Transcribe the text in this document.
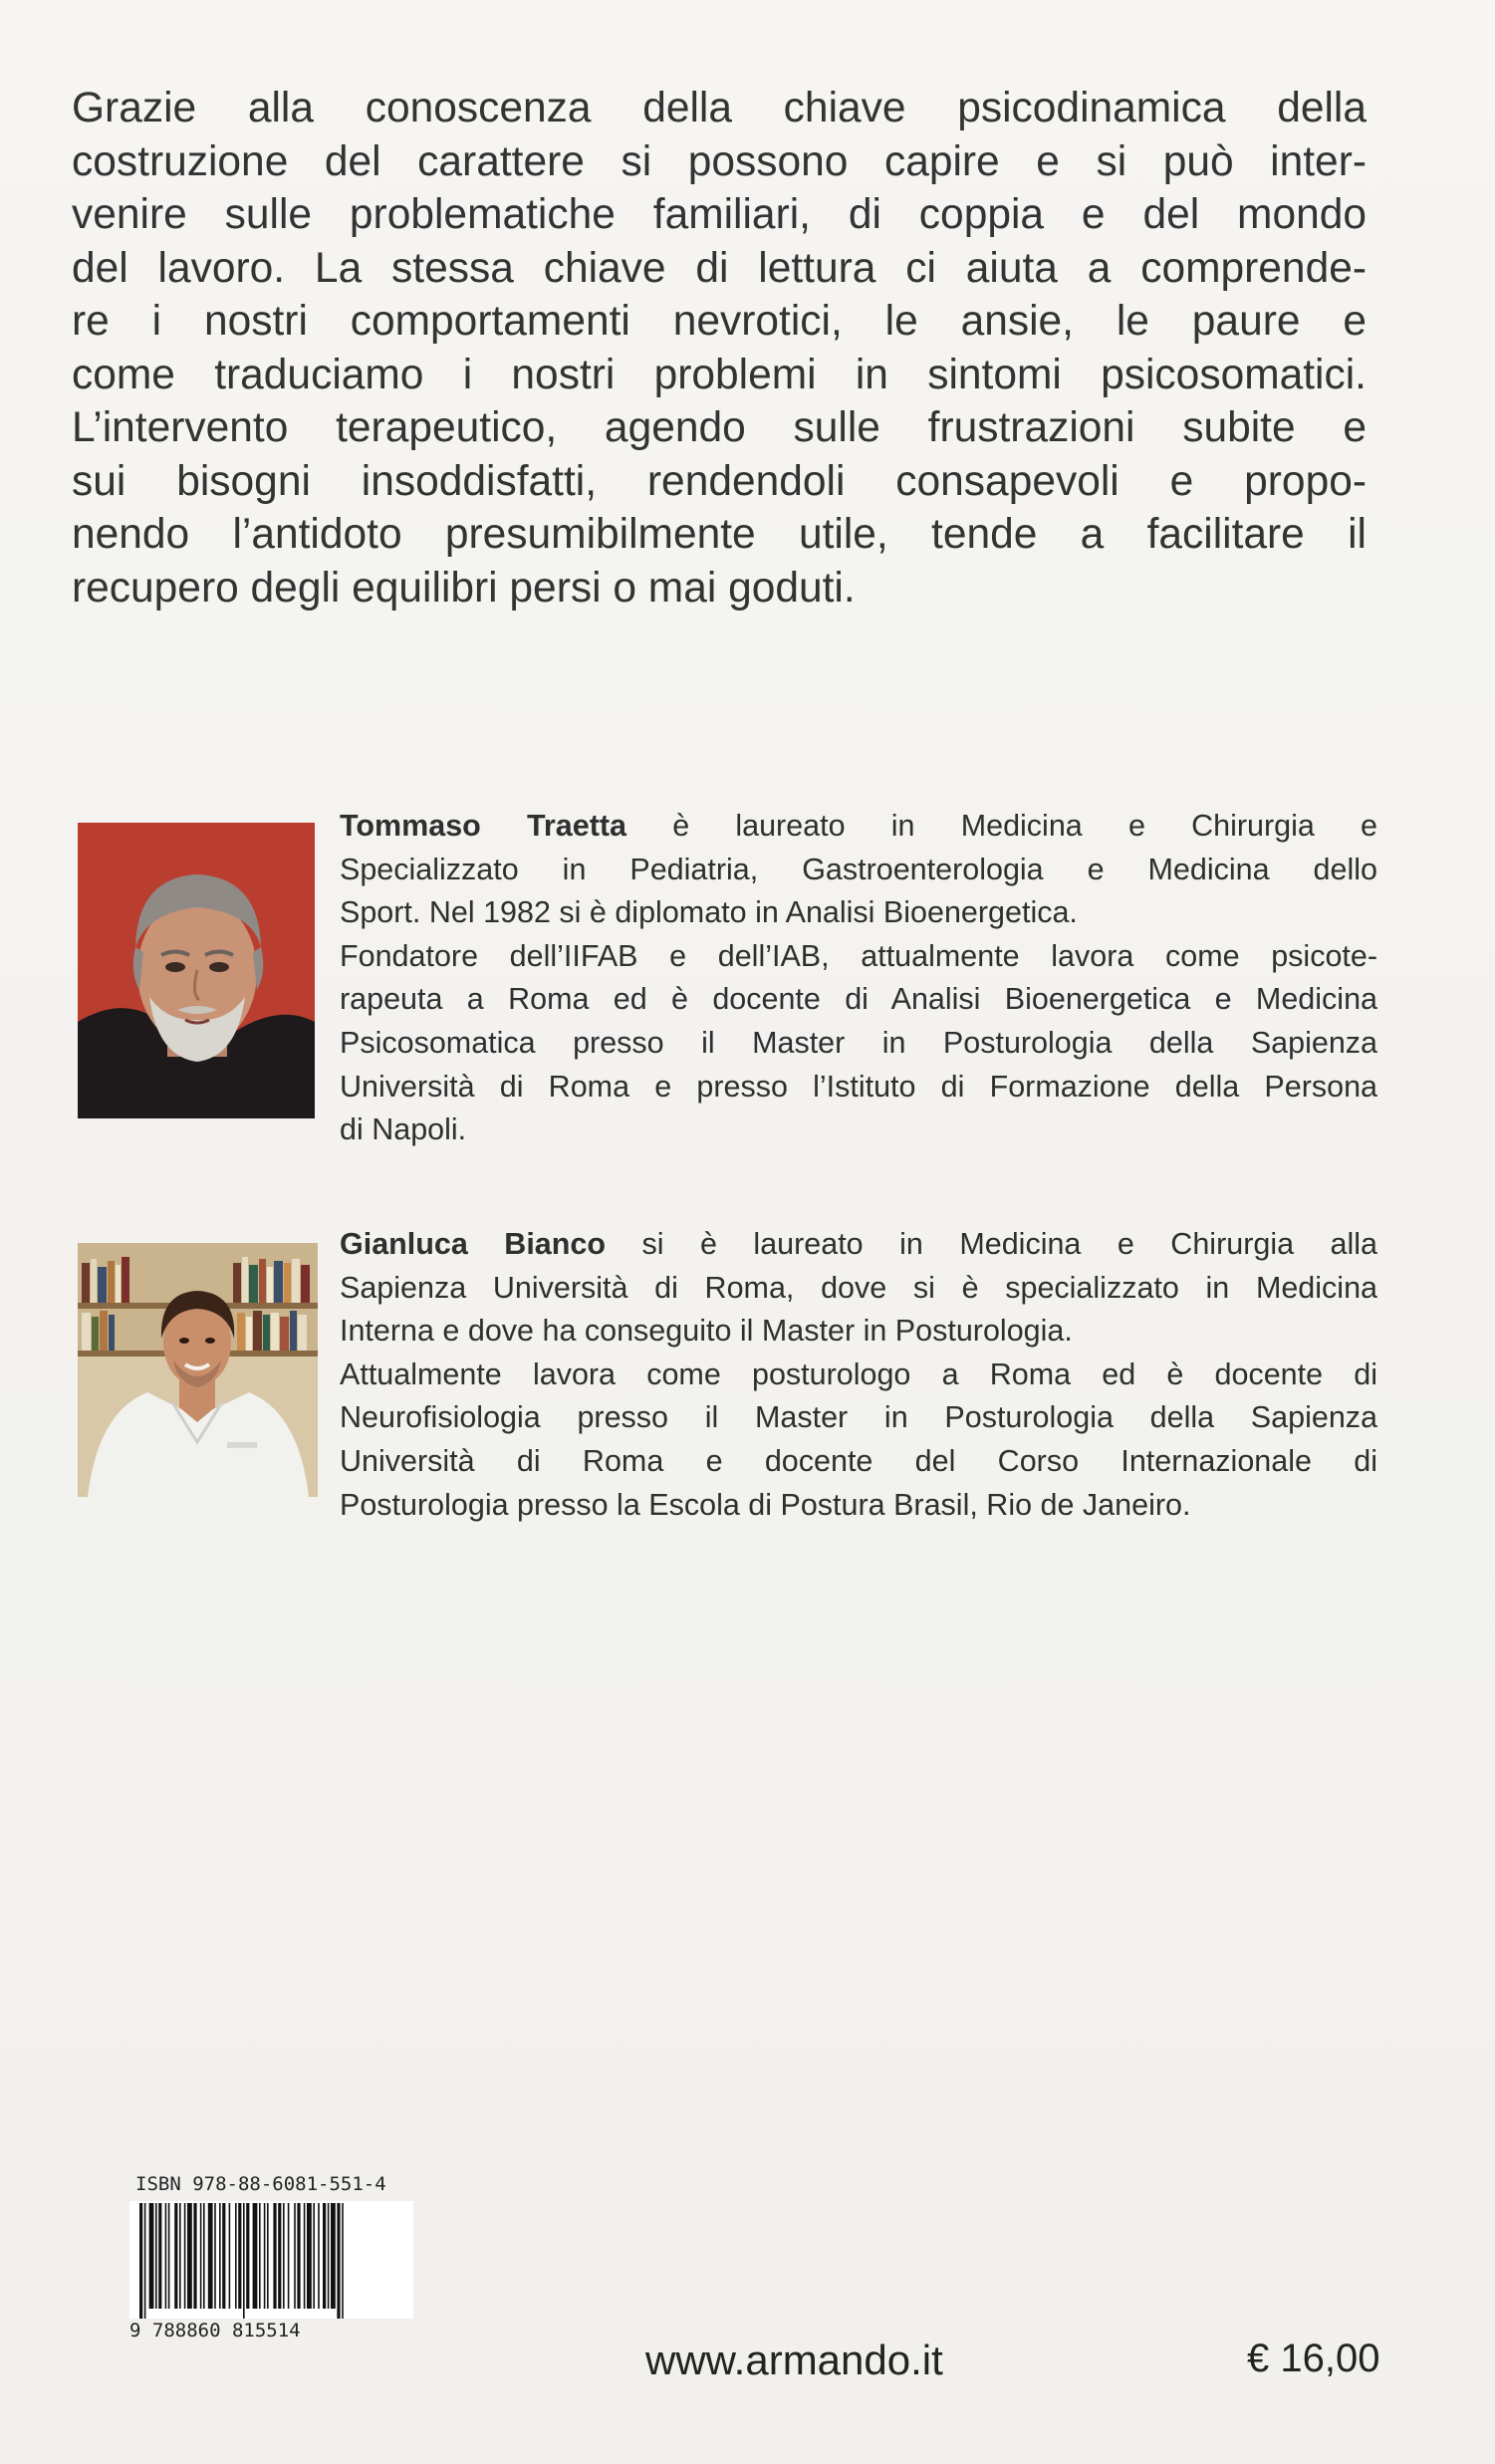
Grazie alla conoscenza della chiave psicodinamica della
costruzione del carattere si possono capire e si può inter-
venire sulle problematiche familiari, di coppia e del mondo
del lavoro. La stessa chiave di lettura ci aiuta a comprende-
re i nostri comportamenti nevrotici, le ansie, le paure e
come traduciamo i nostri problemi in sintomi psicosomatici.
L’intervento terapeutico, agendo sulle frustrazioni subite e
sui bisogni insoddisfatti, rendendoli consapevoli e propo-
nendo l’antidoto presumibilmente utile, tende a facilitare il
recupero degli equilibri persi o mai goduti.
Tommaso Traetta è laureato in Medicina e Chirurgia e
Specializzato in Pediatria, Gastroenterologia e Medicina dello
Sport. Nel 1982 si è diplomato in Analisi Bioenergetica.
Fondatore dell’IIFAB e dell’IAB, attualmente lavora come psicote-
rapeuta a Roma ed è docente di Analisi Bioenergetica e Medicina
Psicosomatica presso il Master in Posturologia della Sapienza
Università di Roma e presso l’Istituto di Formazione della Persona
di Napoli.
Gianluca Bianco si è laureato in Medicina e Chirurgia alla
Sapienza Università di Roma, dove si è specializzato in Medicina
Interna e dove ha conseguito il Master in Posturologia.
Attualmente lavora come posturologo a Roma ed è docente di
Neurofisiologia presso il Master in Posturologia della Sapienza
Università di Roma e docente del Corso Internazionale di
Posturologia presso la Escola di Postura Brasil, Rio de Janeiro.
ISBN 978-88-6081-551-4
9 788860 815514
www.armando.it	€ 16,00
